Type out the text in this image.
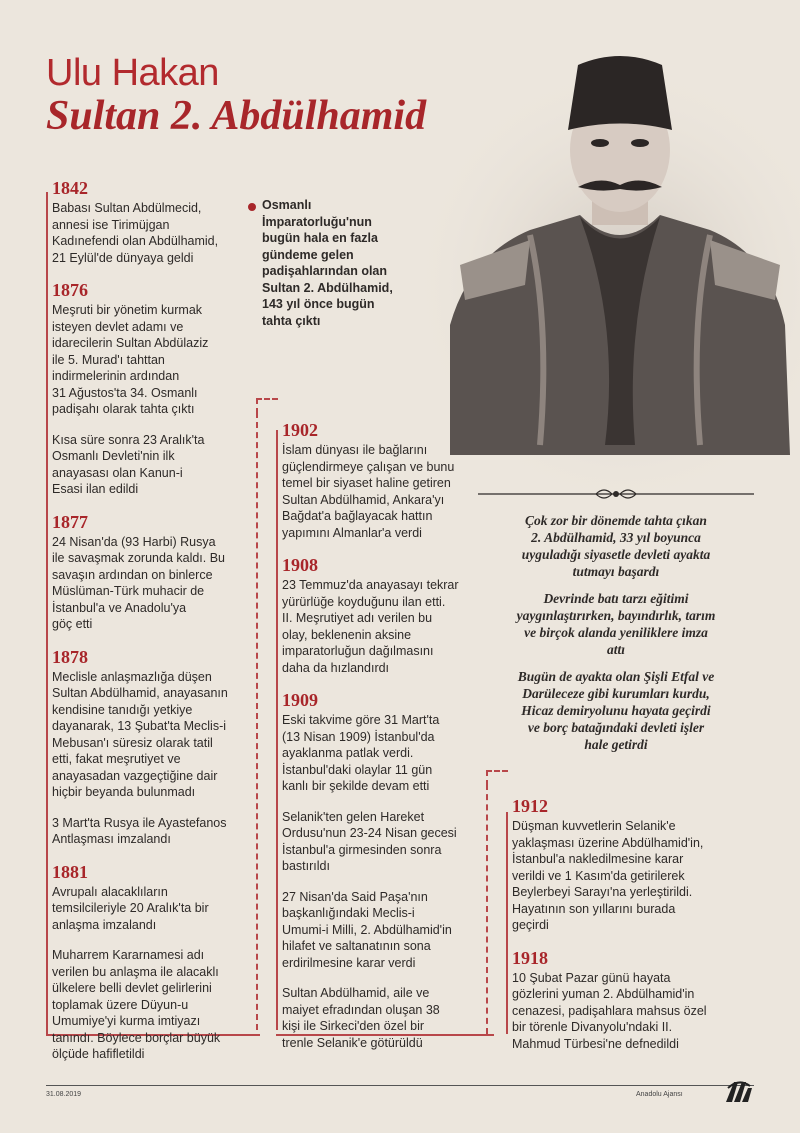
Ulu Hakan
Sultan 2. Abdülhamid
Osmanlı
İmparatorluğu'nun
bugün hala en fazla
gündeme gelen
padişahlarından olan
Sultan 2. Abdülhamid,
143 yıl önce bugün
tahta çıktı

Çok zor bir dönemde tahta çıkan
2. Abdülhamid, 33 yıl boyunca
uyguladığı siyasetle devleti ayakta
tutmayı başardı

Devrinde batı tarzı eğitimi
yaygınlaştırırken, bayındırlık, tarım
ve birçok alanda yeniliklere imza
attı

Bugün de ayakta olan Şişli Etfal ve
Darüleceze gibi kurumları kurdu,
Hicaz demiryolunu hayata geçirdi
ve borç batağındaki devleti işler
hale getirdi

1842
Babası Sultan Abdülmecid,
annesi ise Tirimüjgan
Kadınefendi olan Abdülhamid,
21 Eylül'de dünyaya geldi
1876
Meşruti bir yönetim kurmak
isteyen devlet adamı ve
idarecilerin Sultan Abdülaziz
ile 5. Murad'ı tahttan
indirmelerinin ardından
31 Ağustos'ta 34. Osmanlı
padişahı olarak tahta çıktı
Kısa süre sonra 23 Aralık'ta
Osmanlı Devleti'nin ilk
anayasası olan Kanun-i
Esasi ilan edildi
1877
24 Nisan'da (93 Harbi) Rusya
ile savaşmak zorunda kaldı. Bu
savaşın ardından on binlerce
Müslüman-Türk muhacir de
İstanbul'a ve Anadolu'ya
göç etti
1878
Meclisle anlaşmazlığa düşen
Sultan Abdülhamid, anayasanın
kendisine tanıdığı yetkiye
dayanarak, 13 Şubat'ta Meclis-i
Mebusan'ı süresiz olarak tatil
etti, fakat meşrutiyet ve
anayasadan vazgeçtiğine dair
hiçbir beyanda bulunmadı
3 Mart'ta Rusya ile Ayastefanos
Antlaşması imzalandı
1881
Avrupalı alacaklıların
temsilcileriyle 20 Aralık'ta bir
anlaşma imzalandı
Muharrem Kararnamesi adı
verilen bu anlaşma ile alacaklı
ülkelere belli devlet gelirlerini
toplamak üzere Düyun-u
Umumiye'yi kurma imtiyazı
tanındı. Böylece borçlar büyük
ölçüde hafifletildi
1902
İslam dünyası ile bağlarını
güçlendirmeye çalışan ve bunu
temel bir siyaset haline getiren
Sultan Abdülhamid, Ankara'yı
Bağdat'a bağlayacak hattın
yapımını Almanlar'a verdi
1908
23 Temmuz'da anayasayı tekrar
yürürlüğe koyduğunu ilan etti.
II. Meşrutiyet adı verilen bu
olay, beklenenin aksine
imparatorluğun dağılmasını
daha da hızlandırdı
1909
Eski takvime göre 31 Mart'ta
(13 Nisan 1909) İstanbul'da
ayaklanma patlak verdi.
İstanbul'daki olaylar 11 gün
kanlı bir şekilde devam etti
Selanik'ten gelen Hareket
Ordusu'nun 23-24 Nisan gecesi
İstanbul'a girmesinden sonra
bastırıldı
27 Nisan'da Said Paşa'nın
başkanlığındaki Meclis-i
Umumi-i Milli, 2. Abdülhamid'in
hilafet ve saltanatının sona
erdirilmesine karar verdi
Sultan Abdülhamid, aile ve
maiyet efradından oluşan 38
kişi ile Sirkeci'den özel bir
trenle Selanik'e götürüldü
1912
Düşman kuvvetlerin Selanik'e
yaklaşması üzerine Abdülhamid'in,
İstanbul'a nakledilmesine karar
verildi ve 1 Kasım'da getirilerek
Beylerbeyi Sarayı'na yerleştirildi.
Hayatının son yıllarını burada
geçirdi
1918
10 Şubat Pazar günü hayata
gözlerini yuman 2. Abdülhamid'in
cenazesi, padişahlara mahsus özel
bir törenle Divanyolu'ndaki II.
Mahmud Türbesi'ne defnedildi
31.08.2019	Anadolu Ajansı
